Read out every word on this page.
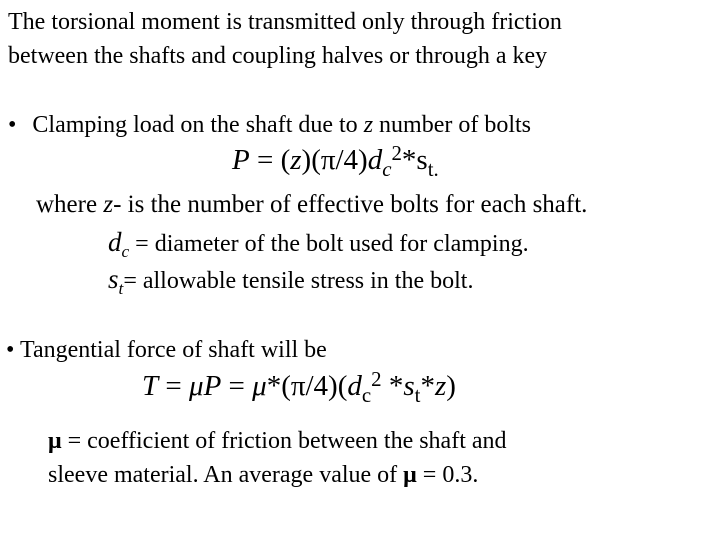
The torsional moment is transmitted only through friction
between the shafts and coupling halves or through a key
• Clamping load on the shaft due to z number of bolts
$P = (z)(\pi/4)d_c^2*s_{t.}$
where z- is the number of effective bolts for each shaft.
$d_c$ = diameter of the bolt used for clamping.
$s_t=$ allowable tensile stress in the bolt.
• Tangential force of shaft will be
$T = \mu P = \mu*(\pi/4)(d_c^2$ $*s_t*z$)
μ = coefficient of friction between the shaft and
sleeve material. An average value of μ = 0.3.
